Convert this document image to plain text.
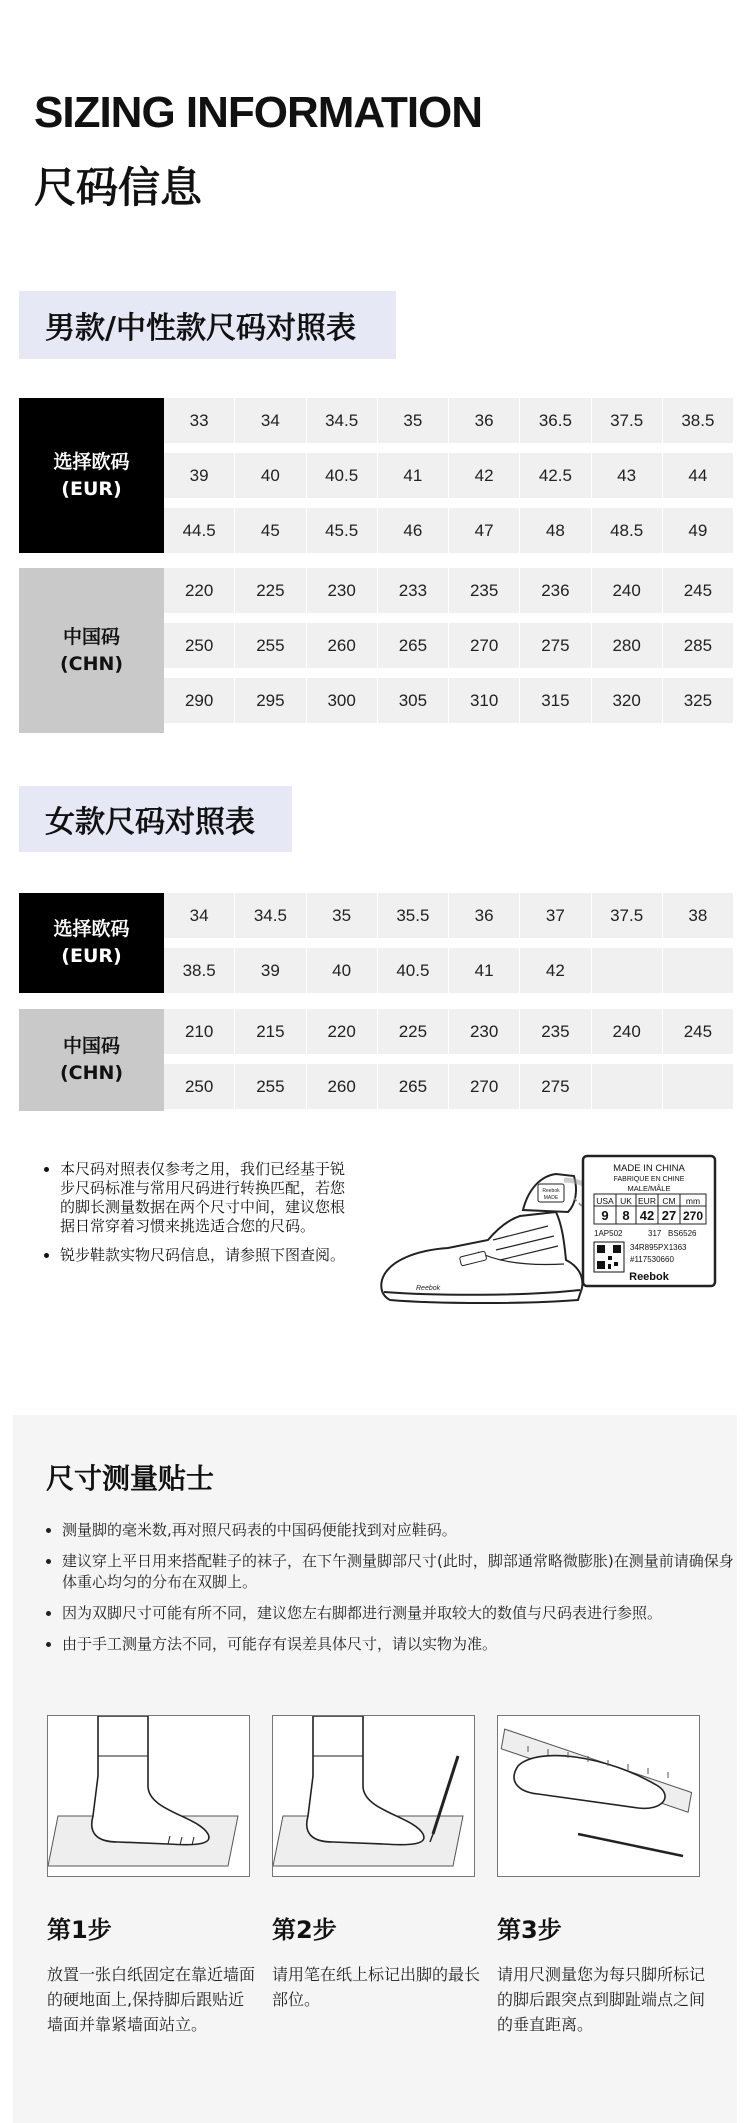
SIZING INFORMATION
尺码信息
男款/中性款尺码对照表
选择欧码
(EUR)
33	34	34.5	35	36	36.5	37.5	38.5
39	40	40.5	41	42	42.5	43	44
44.5	45	45.5	46	47	48	48.5	49
中国码
(CHN)
220	225	230	233	235	236	240	245
250	255	260	265	270	275	280	285
290	295	300	305	310	315	320	325
女款尺码对照表
选择欧码
(EUR)
34	34.5	35	35.5	36	37	37.5	38
38.5	39	40	40.5	41	42
中国码
(CHN)
210	215	220	225	230	235	240	245
250	255	260	265	270	275
• 本尺码对照表仅参考之用，我们已经基于锐步尺码标准与常用尺码进行转换匹配，若您的脚长测量数据在两个尺寸中间，建议您根据日常穿着习惯来挑选适合您的尺码。
• 锐步鞋款实物尺码信息，请参照下图查阅。
Reebok
MADE
Reebok
MADE IN CHINA
FABRIQUE EN CHINE
MALE/MÂLE
USA UK EUR CM mm
9 8 42 27 270
1AP502	317 BS6526
34R895PX1363
#117530660
Reebok
尺寸测量贴士
• 测量脚的毫米数,再对照尺码表的中国码便能找到对应鞋码。
• 建议穿上平日用来搭配鞋子的袜子，在下午测量脚部尺寸(此时，脚部通常略微膨胀)在测量前请确保身体重心均匀的分布在双脚上。
• 因为双脚尺寸可能有所不同，建议您左右脚都进行测量并取较大的数值与尺码表进行参照。
• 由于手工测量方法不同，可能存有误差具体尺寸，请以实物为准。
第1步	第2步	第3步
放置一张白纸固定在靠近墙面的硬地面上,保持脚后跟贴近墙面并靠紧墙面站立。
请用笔在纸上标记出脚的最长部位。
请用尺测量您为每只脚所标记的脚后跟突点到脚趾端点之间的垂直距离。
